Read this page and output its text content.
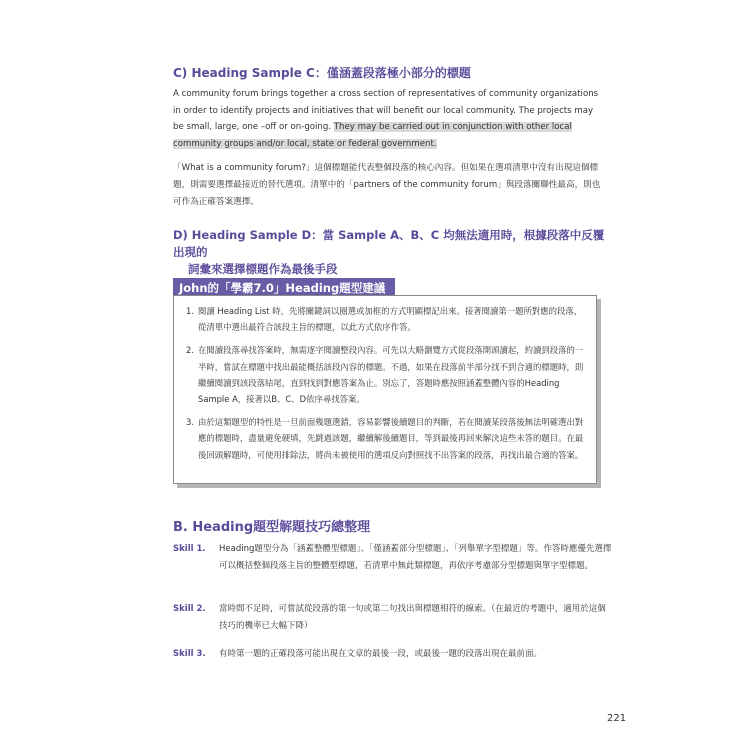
C) Heading Sample C：僅涵蓋段落極小部分的標題
A community forum brings together a cross section of representatives of community organizations in order to identify projects and initiatives that will benefit our local community. The projects may be small, large, one –off or on-going. They may be carried out in conjunction with other local community groups and/or local, state or federal government.
「What is a community forum?」這個標題能代表整個段落的核心內容。但如果在選項清單中沒有出現這個標題，則需要選擇最接近的替代選項。清單中的「partners of the community forum」與段落關聯性最高，則也可作為正確答案選擇。
D) Heading Sample D：當 Sample A、B、C 均無法適用時，根據段落中反覆出現的
詞彙來選擇標題作為最後手段
John的「學霸7.0」Heading題型建議
1. 閱讀 Heading List 時，先將關鍵詞以圈選或加框的方式明顯標記出來。接著閱讀第一題所對應的段落，從清單中選出最符合該段主旨的標題，以此方式依序作答。
2. 在閱讀段落尋找答案時，無需逐字閱讀整段內容。可先以大略瀏覽方式從段落開頭讀起，約讀到段落的一半時，嘗試在標題中找出最能概括該段內容的標題。不過，如果在段落前半部分找不到合適的標題時，則繼續閱讀到該段落結尾，直到找到對應答案為止。別忘了，答題時應按照涵蓋整體內容的Heading Sample A，接著以B、C、D依序尋找答案。
3. 由於這類題型的特性是一旦前面幾題選錯，容易影響後續題目的判斷，若在閱讀某段落後無法明確選出對應的標題時，盡量避免硬填，先跳過該題，繼續解後續題目，等到最後再回來解決這些未答的題目。在最後回頭解題時，可使用排除法，將尚未被使用的選項反向對照找不出答案的段落，再找出最合適的答案。
B. Heading題型解題技巧總整理
Skill 1.	Heading題型分為「涵蓋整體型標題」、「僅涵蓋部分型標題」、「列舉單字型標題」等。作答時應優先選擇可以概括整個段落主旨的整體型標題，若清單中無此類標題，再依序考慮部分型標題與單字型標題。
Skill 2.	當時間不足時，可嘗試從段落的第一句或第二句找出與標題相符的線索。（在最近的考題中，適用於這個技巧的機率已大幅下降）
Skill 3.	有時第一題的正確段落可能出現在文章的最後一段，或最後一題的段落出現在最前面。
221
